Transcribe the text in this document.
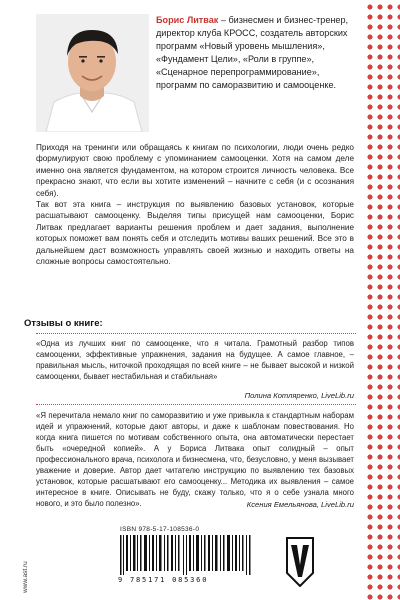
Борис Литвак – бизнесмен и бизнес-тренер, директор клуба КРОСС, создатель авторских программ «Новый уровень мышления», «Фундамент Цели», «Роли в группе», «Сценарное перепрограммирование», программ по саморазвитию и самооценке.

Приходя на тренинги или обращаясь к книгам по психологии, люди очень редко формулируют свою проблему с упоминанием самооценки. Хотя на самом деле именно она является фундаментом, на котором строится личность человека. Все прекрасно знают, что если вы хотите изменений – начните с себя (и с осознания себя).

Так вот эта книга – инструкция по выявлению базовых установок, которые расшатывают самооценку. Выделяя типы присущей нам самооценки, Борис Литвак предлагает варианты решения проблем и дает задания, выполнение которых поможет вам понять себя и отследить мотивы ваших решений. Все это в дальнейшем даст возможность управлять своей жизнью и находить ответы на сложные вопросы самостоятельно.

Отзывы о книге:

«Одна из лучших книг по самооценке, что я читала. Грамотный разбор типов самооценки, эффективные упражнения, задания на будущее. А самое главное, – правильная мысль, ниточкой проходящая по всей книге – не бывает высокой и низкой самооценки, бывает нестабильная и стабильная»

Полина Котляренко, LiveLib.ru

«Я перечитала немало книг по саморазвитию и уже привыкла к стандартным наборам идей и упражнений, которые дают авторы, и даже к шаблонам повествования. Но когда книга пишется по мотивам собственного опыта, она автоматически перестает быть «очередной копией». А у Бориса Литвака опыт солидный – опыт профессионального врача, психолога и бизнесмена, что, безусловно, у меня вызывает уважение и доверие. Автор дает читателю инструкцию по выявлению тех базовых установок, которые расшатывают его самооценку... Методика их выявления – самое интересное в книге. Описывать не буду, скажу только, что я о себе узнала много нового, и это было полезно».	Ксения Емельянова, LiveLib.ru

www.ast.ru
ISBN 978-5-17-108536-0
9 785171 085360
